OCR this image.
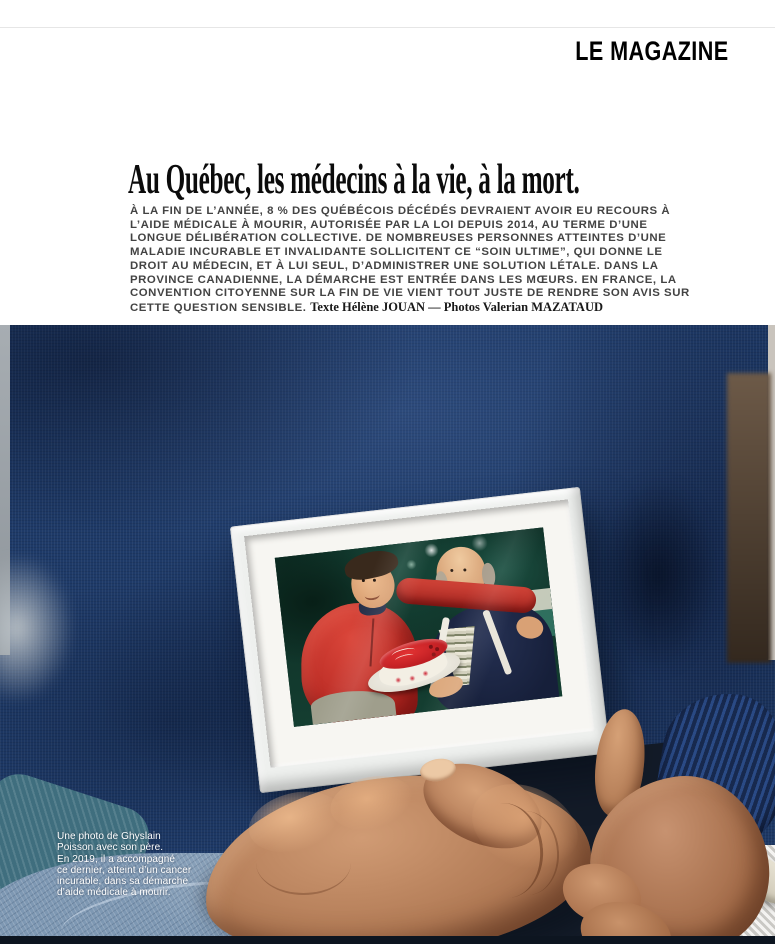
LE MAGAZINE
Au Québec, les médecins à la vie, à la mort.

À LA FIN DE L’ANNÉE, 8 % DES QUÉBÉCOIS DÉCÉDÉS DEVRAIENT AVOIR EU RECOURS À L’AIDE MÉDICALE À MOURIR, AUTORISÉE PAR LA LOI DEPUIS 2014, AU TERME D’UNE LONGUE DÉLIBÉRATION COLLECTIVE. DE NOMBREUSES PERSONNES ATTEINTES D’UNE MALADIE INCURABLE ET INVALIDANTE SOLLICITENT CE “SOIN ULTIME”, QUI DONNE LE DROIT AU MÉDECIN, ET À LUI SEUL, D’ADMINISTRER UNE SOLUTION LÉTALE. DANS LA PROVINCE CANADIENNE, LA DÉMARCHE EST ENTRÉE DANS LES MŒURS. EN FRANCE, LA CONVENTION CITOYENNE SUR LA FIN DE VIE VIENT TOUT JUSTE DE RENDRE SON AVIS SUR CETTE QUESTION SENSIBLE. Texte Hélène JOUAN — Photos Valerian MAZATAUD

Une photo de Ghyslain
Poisson avec son père.
En 2019, il a accompagné
ce dernier, atteint d’un cancer
incurable, dans sa démarche
d’aide médicale à mourir.
